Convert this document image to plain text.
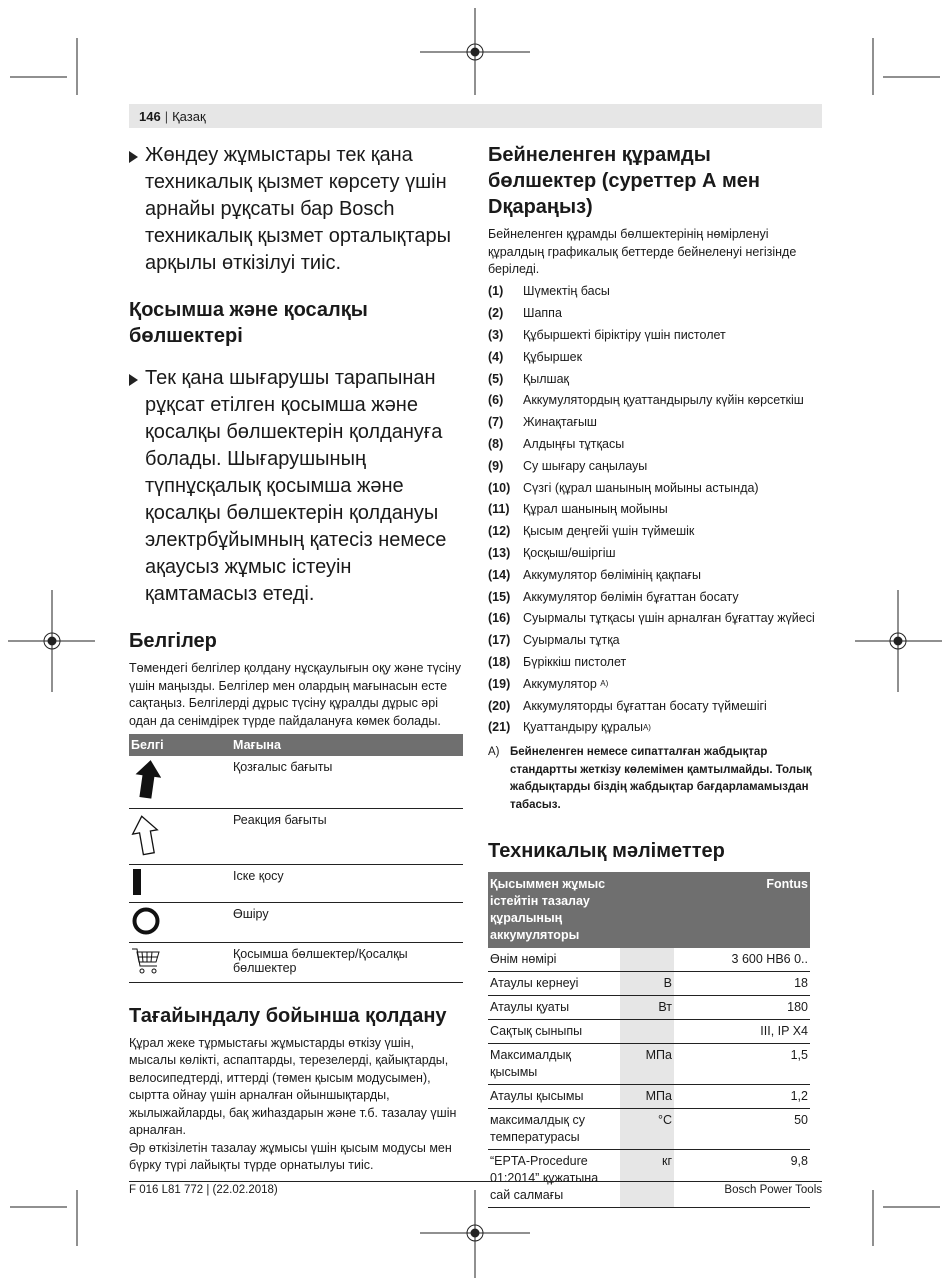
146 | Қазақ

Жөндеу жұмыстары тек қана техникалық қызмет көрсету үшін арнайы рұқсаты бар Bosch техникалық қызмет орталықтары арқылы өткізілуі тиіс.

Қосымша және қосалқы бөлшектері

Тек қана шығарушы тарапынан рұқсат етілген қосымша және қосалқы бөлшектерін қолдануға болады. Шығарушының түпнұсқалық қосымша және қосалқы бөлшектерін қолдануы электрбұйымның қатесіз немесе ақаусыз жұмыс істеуін қамтамасыз етеді.

Белгілер

Төмендегі белгілер қолдану нұсқаулығын оқу және түсіну үшін маңызды. Белгілер мен олардың мағынасын есте сақтаңыз. Белгілерді дұрыс түсіну құралды дұрыс әрі одан да сенімдірек түрде пайдалануға көмек болады.

Белгі	Мағына
	Қозғалыс бағыты
	Реакция бағыты
	Іске қосу
	Өшіру
	Қосымша бөлшектер/Қосалқы бөлшектер
Тағайындалу бойынша қолдану

Құрал жеке тұрмыстағы жұмыстарды өткізу үшін, мысалы көлікті, аспаптарды, терезелерді, қайықтарды, велосипедтерді, иттерді (төмен қысым модусымен), сыртта ойнау үшін арналған ойыншықтарды, жылыжайларды, бақ жиһаздарын және т.б. тазалау үшін арналған.

Әр өткізілетін тазалау жұмысы үшін қысым модусы мен бүрку түрі лайықты түрде орнатылуы тиіс.

Бейнеленген құрамды бөлшектер (суреттер А мен Dқараңыз)

Бейнеленген құрамды бөлшектерінің нөмірленуі құралдың графикалық беттерде бейнеленуі негізінде беріледі.

(1)	Шүмектің басы
(2)	Шаппа
(3)	Құбыршекті біріктіру үшін пистолет
(4)	Құбыршек
(5)	Қылшақ
(6)	Аккумулятордың қуаттандырылу күйін көрсеткіш
(7)	Жинақтағыш
(8)	Алдыңғы тұтқасы
(9)	Су шығару саңылауы
(10)	Сүзгі (құрал шанының мойыны астында)
(11)	Құрал шанының мойыны
(12)	Қысым деңгейі үшін түймешік
(13)	Қосқыш/өшіргіш
(14)	Аккумулятор бөлімінің қақпағы
(15)	Аккумулятор бөлімін бұғаттан босату
(16)	Суырмалы тұтқасы үшін арналған бұғаттау жүйесі
(17)	Суырмалы тұтқа
(18)	Бүріккіш пистолет
(19)	Аккумулятор
A)
(20)	Аккумуляторды бұғаттан босату түймешігі
(21)	Қуаттандыру құралы A)
A) Бейнеленген немесе сипатталған жабдықтар стандартты жеткізу көлемімен қамтылмайды. Толық жабдықтарды біздің жабдықтар бағдарламамыздан табасыз.
Техникалық мәліметтер
Қысыммен жұмыс істейтін тазалау құралының аккумуляторы		Fontus
Өнім нөмірі		3 600 HB6 0..
Атаулы кернеуі	В	18
Атаулы қуаты	Вт	180
Сақтық сыныпы		III, IP X4
Максималдық қысымы	МПа	1,5
Атаулы қысымы	МПа	1,2
максималдық су температурасы	°C	50
“EPTA-Procedure 01:2014” құжатына сай салмағы	кг	9,8
F 016 L81 772 | (22.02.2018)	Bosch Power Tools
